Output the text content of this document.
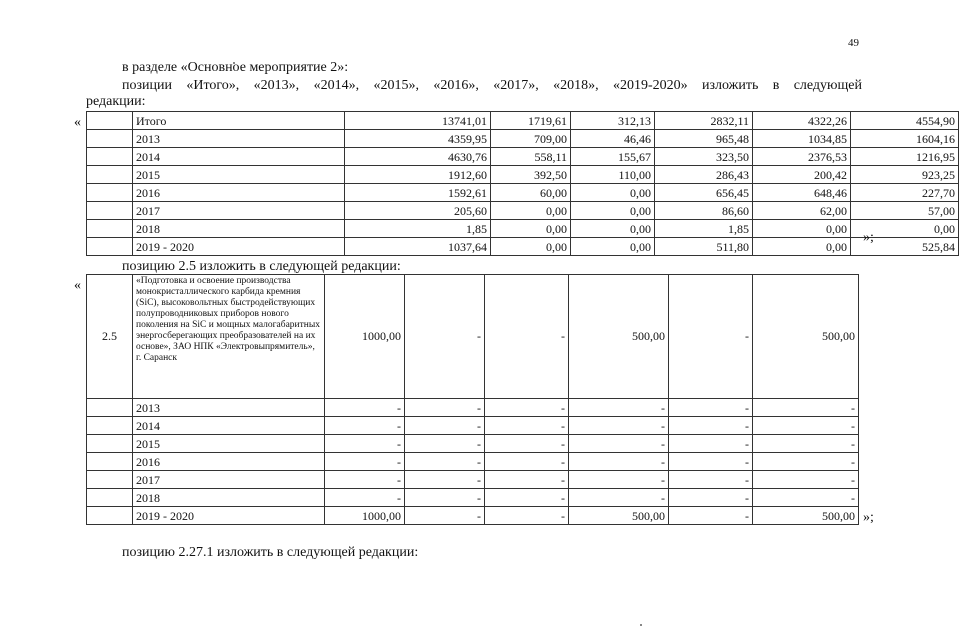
49
в разделе «Основное мероприятие 2»:
позиции «Итого», «2013», «2014», «2015», «2016», «2017», «2018», «2019-2020» изложить в следующей
редакции:
«
		Итого	13741,01	1719,61	312,13	2832,11	4322,26	4554,90
	2013	4359,95	709,00	46,46	965,48	1034,85	1604,16
	2014	4630,76	558,11	155,67	323,50	2376,53	1216,95
	2015	1912,60	392,50	110,00	286,43	200,42	923,25
	2016	1592,61	60,00	0,00	656,45	648,46	227,70
	2017	205,60	0,00	0,00	86,60	62,00	57,00
	2018	1,85	0,00	0,00	1,85	0,00	0,00
	2019 - 2020	1037,64	0,00	0,00	511,80	0,00	525,84
»;
позицию 2.5 изложить в следующей редакции:
«
2.5	«Подготовка и освоение производства монокристаллического карбида кремния (SiC), высоковольтных быстродействующих полупроводниковых приборов нового поколения на SiC и мощных малогабаритных энергосберегающих преобразователей на их основе», ЗАО НПК «Электровыпрямитель», г. Саранск	1000,00	-	-	500,00	-	500,00
	2013	-	-	-	-	-	-
	2014	-	-	-	-	-	-
	2015	-	-	-	-	-	-
	2016	-	-	-	-	-	-
	2017	-	-	-	-	-	-
	2018	-	-	-	-	-	-
	2019 - 2020	1000,00	-	-	500,00	-	500,00 »;
позицию 2.27.1 изложить в следующей редакции:
